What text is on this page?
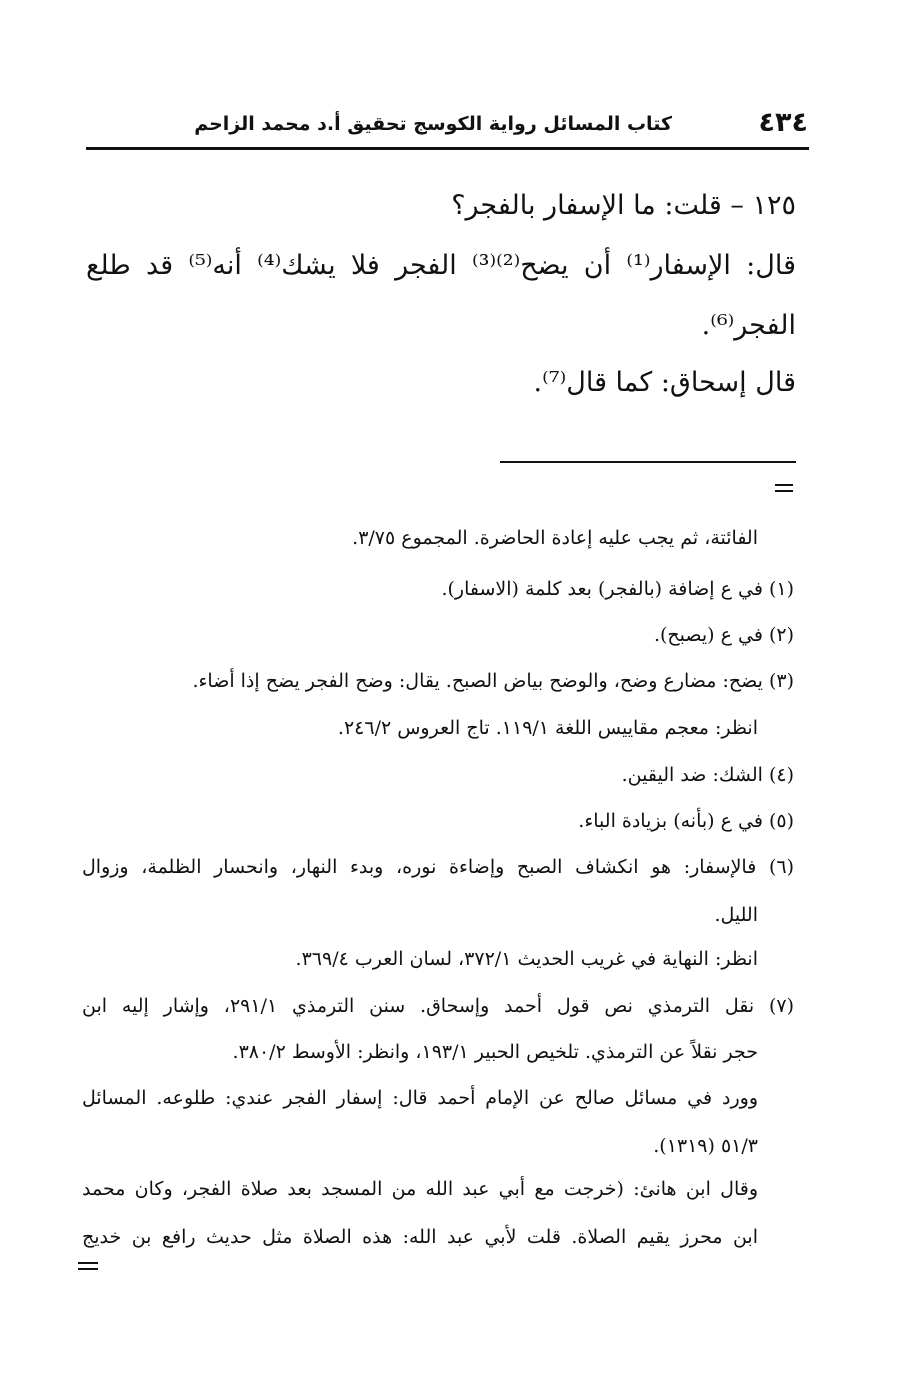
٤٣٤
كتاب المسائل رواية الكوسج تحقيق أ.د محمد الزاحم
١٢٥ – قلت: ما الإسفار بالفجر؟
قال: الإسفار⁽¹⁾ أن يضح⁽²⁾⁽³⁾ الفجر فلا يشك⁽⁴⁾ أنه⁽⁵⁾ قد طلع
الفجر⁽⁶⁾.
قال إسحاق: كما قال⁽⁷⁾.
الفائتة، ثم يجب عليه إعادة الحاضرة. المجموع ٣/٧٥.
(١) في ع إضافة (بالفجر) بعد كلمة (الاسفار).
(٢) في ع (يصبح).
(٣) يضح: مضارع وضح، والوضح بياض الصبح. يقال: وضح الفجر يضح إذا أضاء.
انظر: معجم مقاييس اللغة ١١٩/١. تاج العروس ٢٤٦/٢.
(٤) الشك: ضد اليقين.
(٥) في ع (بأنه) بزيادة الباء.
(٦) فالإسفار: هو انكشاف الصبح وإضاءة نوره، وبدء النهار، وانحسار الظلمة، وزوال
الليل.
انظر: النهاية في غريب الحديث ٣٧٢/١، لسان العرب ٣٦٩/٤.
(٧) نقل الترمذي نص قول أحمد وإسحاق. سنن الترمذي ٢٩١/١، وإشار إليه ابن
حجر نقلاً عن الترمذي. تلخيص الحبير ١٩٣/١، وانظر: الأوسط ٣٨٠/٢.
وورد في مسائل صالح عن الإمام أحمد قال: إسفار الفجر عندي: طلوعه. المسائل
٥١/٣ (١٣١٩).
وقال ابن هانئ: (خرجت مع أبي عبد الله من المسجد بعد صلاة الفجر، وكان محمد
ابن محرز يقيم الصلاة. قلت لأبي عبد الله: هذه الصلاة مثل حديث رافع بن خديج
